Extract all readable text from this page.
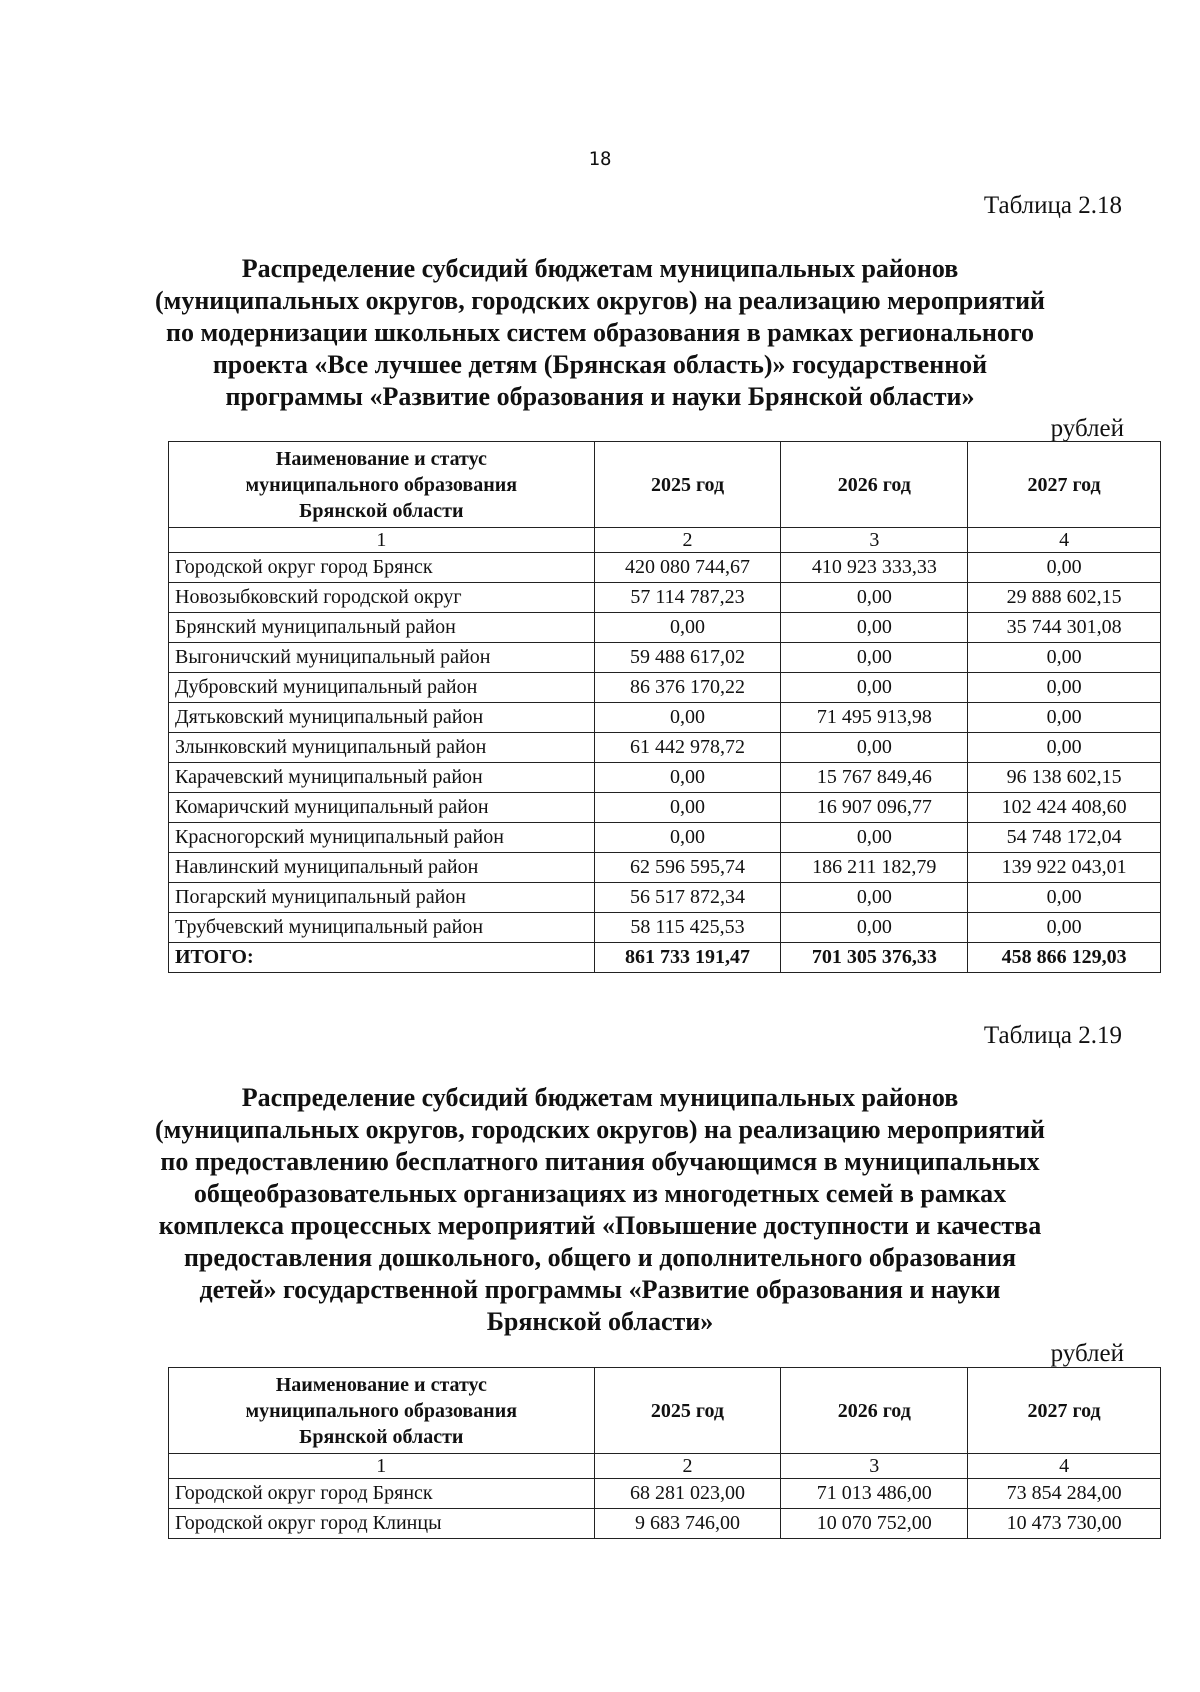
18
Таблица 2.18
Распределение субсидий бюджетам муниципальных районов
(муниципальных округов, городских округов) на реализацию мероприятий
по модернизации школьных систем образования в рамках регионального
проекта «Все лучшее детям (Брянская область)» государственной
программы «Развитие образования и науки Брянской области»
рублей
Наименование и статус муниципального образования Брянской области	2025 год	2026 год	2027 год
1	2	3	4
Городской округ город Брянск	420 080 744,67	410 923 333,33	0,00
Новозыбковский городской округ	57 114 787,23	0,00	29 888 602,15
Брянский муниципальный район	0,00	0,00	35 744 301,08
Выгоничский муниципальный район	59 488 617,02	0,00	0,00
Дубровский муниципальный район	86 376 170,22	0,00	0,00
Дятьковский муниципальный район	0,00	71 495 913,98	0,00
Злынковский муниципальный район	61 442 978,72	0,00	0,00
Карачевский муниципальный район	0,00	15 767 849,46	96 138 602,15
Комаричский муниципальный район	0,00	16 907 096,77	102 424 408,60
Красногорский муниципальный район	0,00	0,00	54 748 172,04
Навлинский муниципальный район	62 596 595,74	186 211 182,79	139 922 043,01
Погарский муниципальный район	56 517 872,34	0,00	0,00
Трубчевский муниципальный район	58 115 425,53	0,00	0,00
ИТОГО:	861 733 191,47	701 305 376,33	458 866 129,03
Таблица 2.19
Распределение субсидий бюджетам муниципальных районов
(муниципальных округов, городских округов) на реализацию мероприятий
по предоставлению бесплатного питания обучающимся в муниципальных
общеобразовательных организациях из многодетных семей в рамках
комплекса процессных мероприятий «Повышение доступности и качества
предоставления дошкольного, общего и дополнительного образования
детей» государственной программы «Развитие образования и науки
Брянской области»
рублей
Наименование и статус муниципального образования Брянской области	2025 год	2026 год	2027 год
1	2	3	4
Городской округ город Брянск	68 281 023,00	71 013 486,00	73 854 284,00
Городской округ город Клинцы	9 683 746,00	10 070 752,00	10 473 730,00
